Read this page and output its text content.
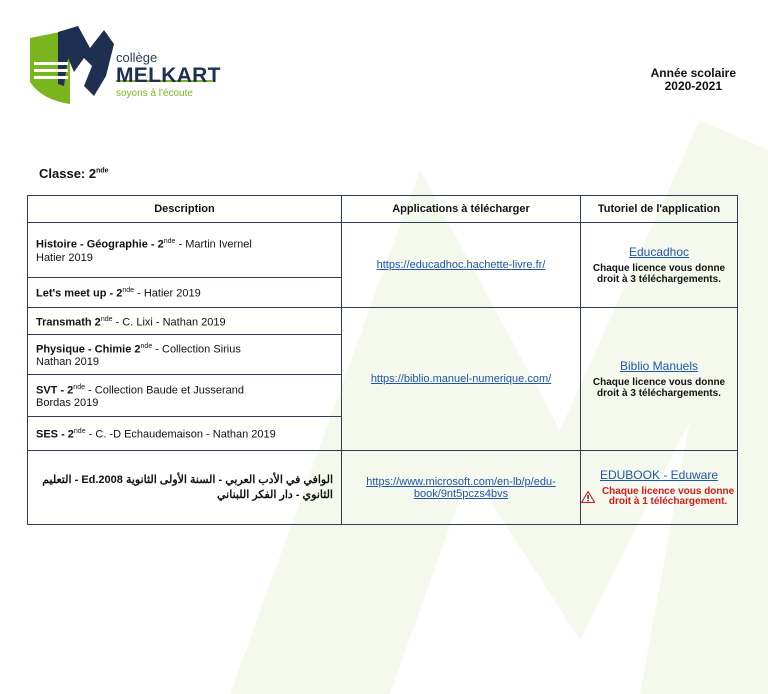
collège
MELKART
soyons à l'écoute
Année scolaire
2020-2021
Classe: 2nde
Description	Applications à télécharger	Tutoriel de l'application
Histoire - Géographie - 2nde - Martin Ivernel
Hatier 2019	https://educadhoc.hachette-livre.fr/	Educadhoc
Chaque licence vous donne droit à 3 téléchargements.

Let's meet up - 2nde - Hatier 2019		
Transmath 2nde - C. Lixi - Nathan 2019	https://biblio.manuel-numerique.com/	Biblio Manuels
Chaque licence vous donne droit à 3 téléchargements.

Physique - Chimie 2nde - Collection Sirius
Nathan 2019		
SVT - 2nde - Collection Baude et Jusserand
Bordas 2019		
SES - 2nde - C. -D Echaudemaison - Nathan 2019		
الوافي في الأدب العربي - السنة الأولى الثانوية Ed.2008 - التعليم الثانوي - دار الفكر اللبناني	https://www.microsoft.com/en-lb/p/edu-book/9nt5pczs4bvs	EDUBOOK - Eduware
Chaque licence vous donne droit à 1 téléchargement.
